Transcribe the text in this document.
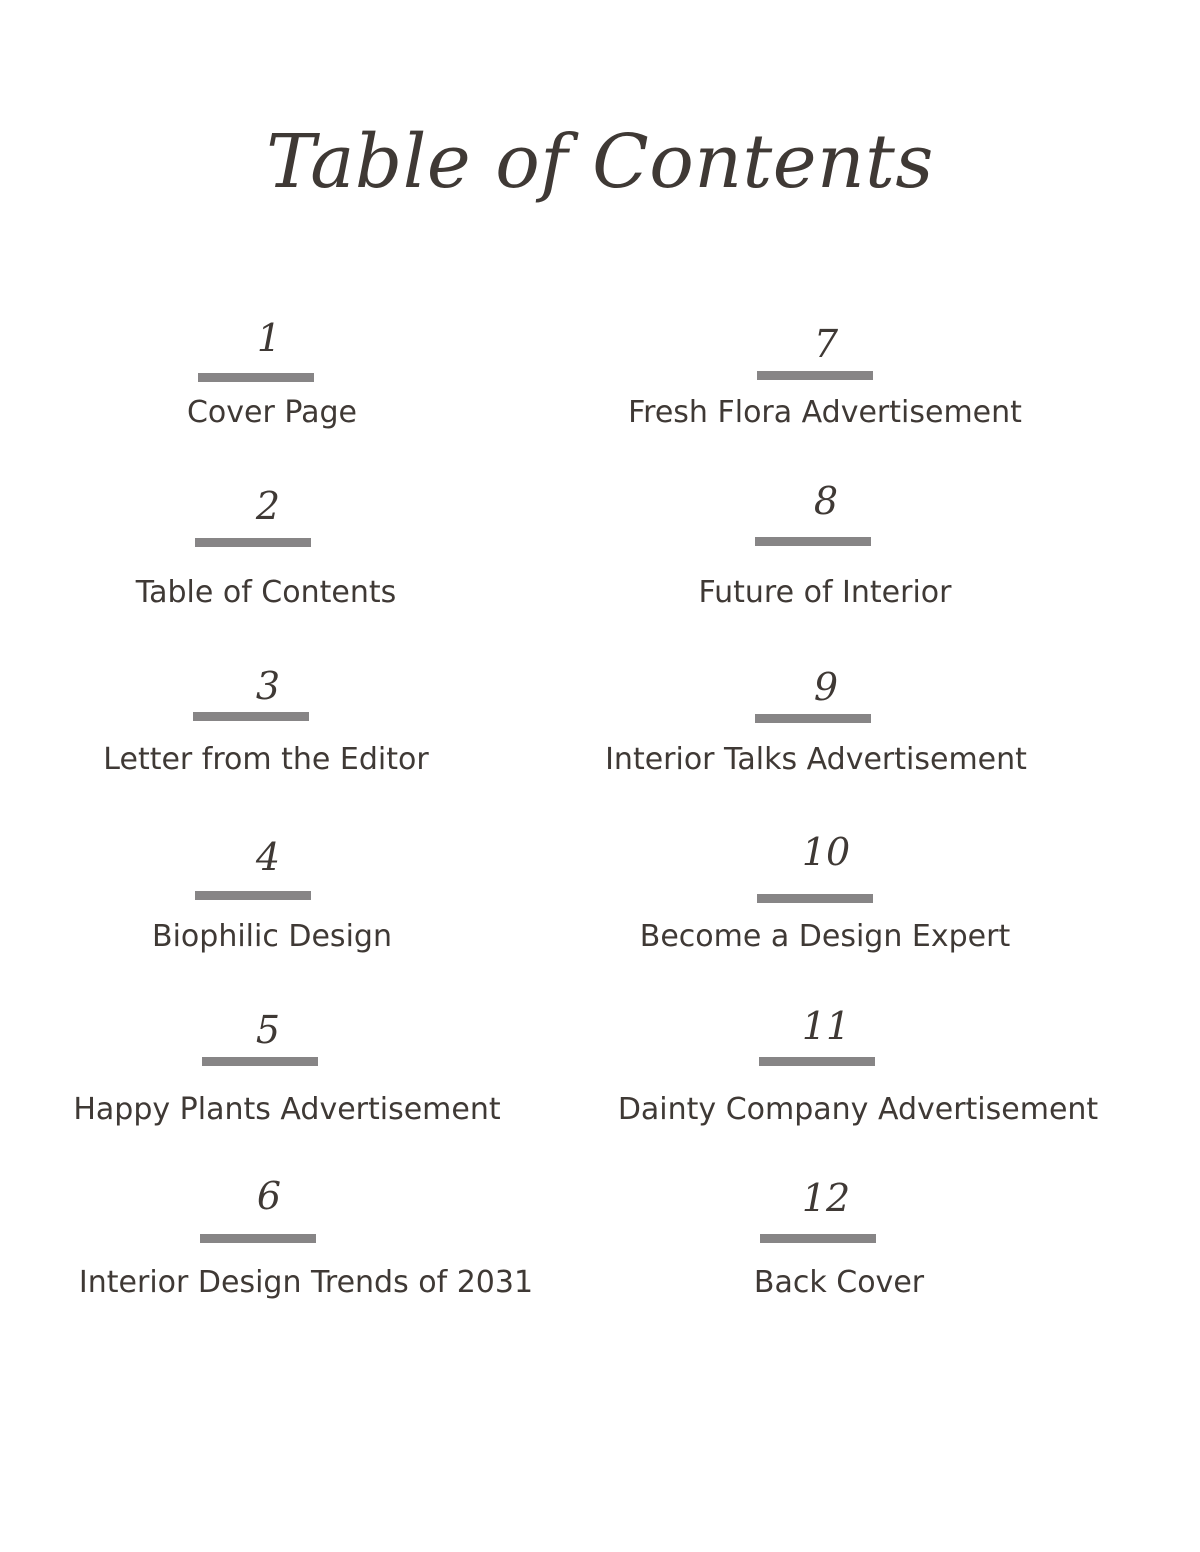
Table of Contents
1
Cover Page
2
Table of Contents
3
Letter from the Editor
4
Biophilic Design
5
Happy Plants Advertisement
6
Interior Design Trends of 2031
7
Fresh Flora Advertisement
8
Future of Interior
9
Interior Talks Advertisement
10
Become a Design Expert
11
Dainty Company Advertisement
12
Back Cover
